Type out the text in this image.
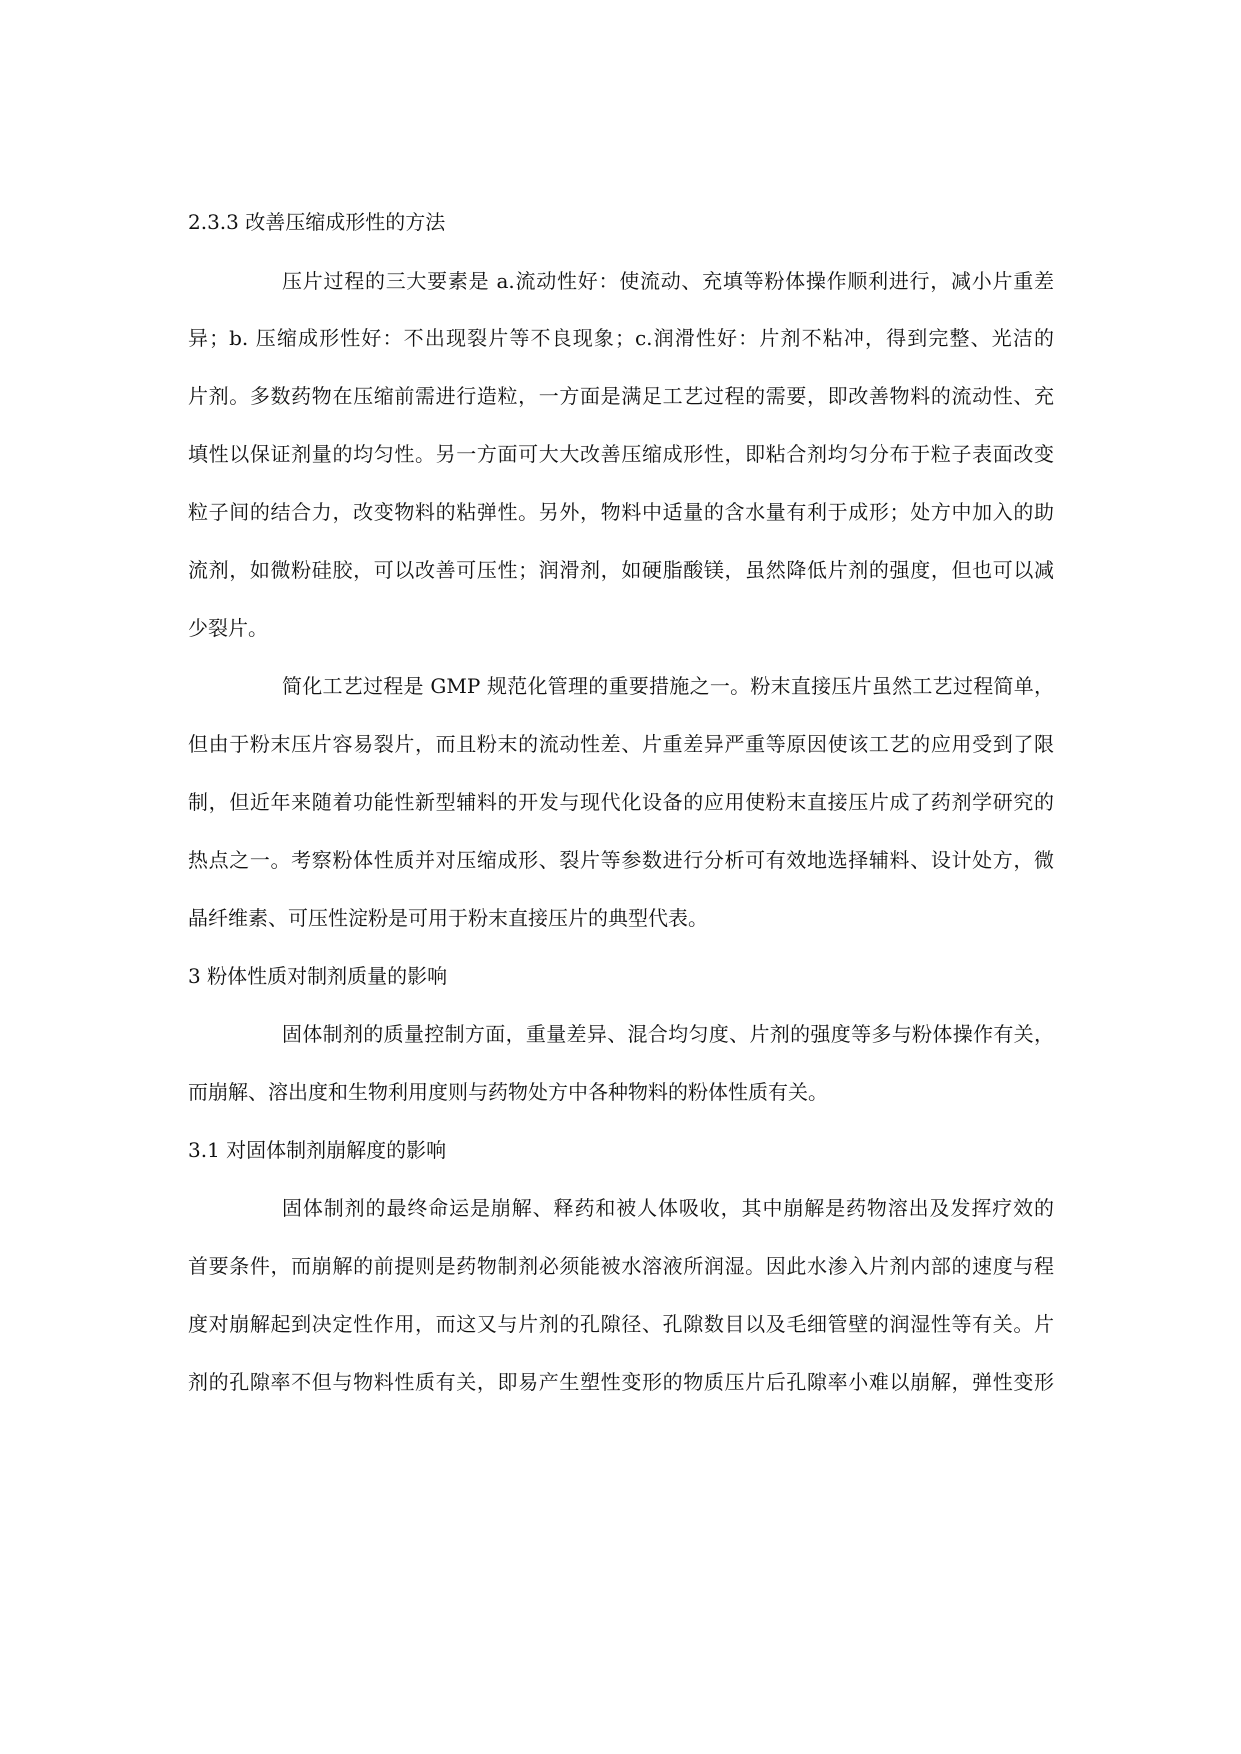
2.3.3 改善压缩成形性的方法
压片过程的三大要素是 a.流动性好：使流动、充填等粉体操作顺利进行，减小片重差
异；b. 压缩成形性好：不出现裂片等不良现象；c.润滑性好：片剂不粘冲，得到完整、光洁的
片剂。多数药物在压缩前需进行造粒，一方面是满足工艺过程的需要，即改善物料的流动性、充
填性以保证剂量的均匀性。另一方面可大大改善压缩成形性，即粘合剂均匀分布于粒子表面改变
粒子间的结合力，改变物料的粘弹性。另外，物料中适量的含水量有利于成形；处方中加入的助
流剂，如微粉硅胶，可以改善可压性；润滑剂，如硬脂酸镁，虽然降低片剂的强度，但也可以减
少裂片。
简化工艺过程是 GMP 规范化管理的重要措施之一。粉末直接压片虽然工艺过程简单，
但由于粉末压片容易裂片，而且粉末的流动性差、片重差异严重等原因使该工艺的应用受到了限
制，但近年来随着功能性新型辅料的开发与现代化设备的应用使粉末直接压片成了药剂学研究的
热点之一。考察粉体性质并对压缩成形、裂片等参数进行分析可有效地选择辅料、设计处方，微
晶纤维素、可压性淀粉是可用于粉末直接压片的典型代表。
3 粉体性质对制剂质量的影响
固体制剂的质量控制方面，重量差异、混合均匀度、片剂的强度等多与粉体操作有关，
而崩解、溶出度和生物利用度则与药物处方中各种物料的粉体性质有关。
3.1 对固体制剂崩解度的影响
固体制剂的最终命运是崩解、释药和被人体吸收，其中崩解是药物溶出及发挥疗效的
首要条件，而崩解的前提则是药物制剂必须能被水溶液所润湿。因此水渗入片剂内部的速度与程
度对崩解起到决定性作用，而这又与片剂的孔隙径、孔隙数目以及毛细管壁的润湿性等有关。片
剂的孔隙率不但与物料性质有关，即易产生塑性变形的物质压片后孔隙率小难以崩解，弹性变形
